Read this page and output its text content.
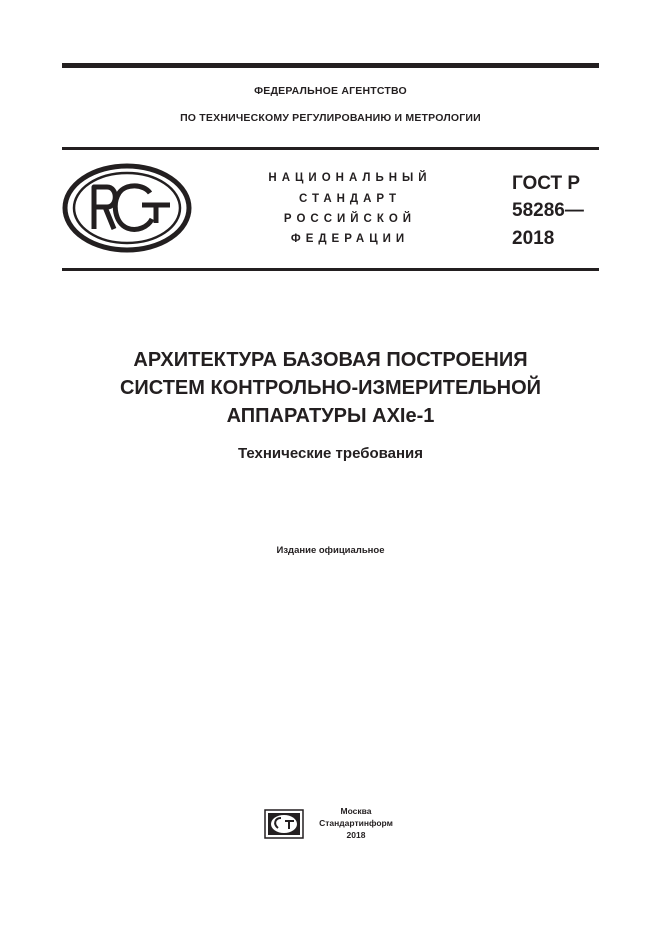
ФЕДЕРАЛЬНОЕ АГЕНТСТВО
ПО ТЕХНИЧЕСКОМУ РЕГУЛИРОВАНИЮ И МЕТРОЛОГИИ
НАЦИОНАЛЬНЫЙ
СТАНДАРТ
РОССИЙСКОЙ
ФЕДЕРАЦИИ
ГОСТ Р
58286—
2018
АРХИТЕКТУРА БАЗОВАЯ ПОСТРОЕНИЯ
СИСТЕМ КОНТРОЛЬНО-ИЗМЕРИТЕЛЬНОЙ
АППАРАТУРЫ AXIe-1
Технические требования
Издание официальное
Москва
Стандартинформ
2018
